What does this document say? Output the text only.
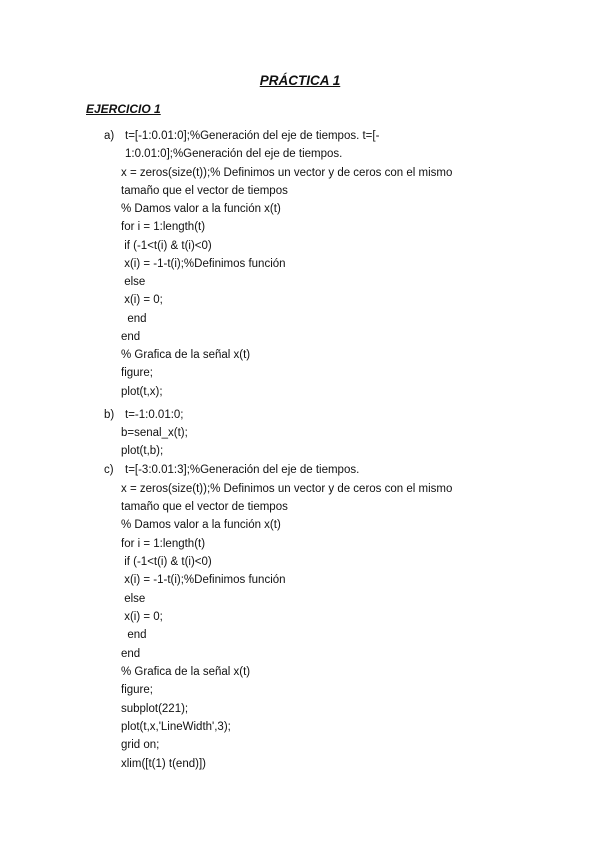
PRÁCTICA 1
EJERCICIO 1
a)
b)
c)
t=[-1:0.01:0];%Generación del eje de tiempos. t=[-
1:0.01:0];%Generación del eje de tiempos.
x = zeros(size(t));% Definimos un vector y de ceros con el mismo
tamaño que el vector de tiempos
% Damos valor a la función x(t)
for i = 1:length(t)
if (-1<t(i) & t(i)<0)
x(i) = -1-t(i);%Definimos función
else
x(i) = 0;
end
end
% Grafica de la señal x(t)
figure;
plot(t,x);
t=-1:0.01:0;
b=senal_x(t);
plot(t,b);
t=[-3:0.01:3];%Generación del eje de tiempos.
x = zeros(size(t));% Definimos un vector y de ceros con el mismo
tamaño que el vector de tiempos
% Damos valor a la función x(t)
for i = 1:length(t)
if (-1<t(i) & t(i)<0)
x(i) = -1-t(i);%Definimos función
else
x(i) = 0;
end
end
% Grafica de la señal x(t)
figure;
subplot(221);
plot(t,x,'LineWidth',3);
grid on;
xlim([t(1) t(end)])
